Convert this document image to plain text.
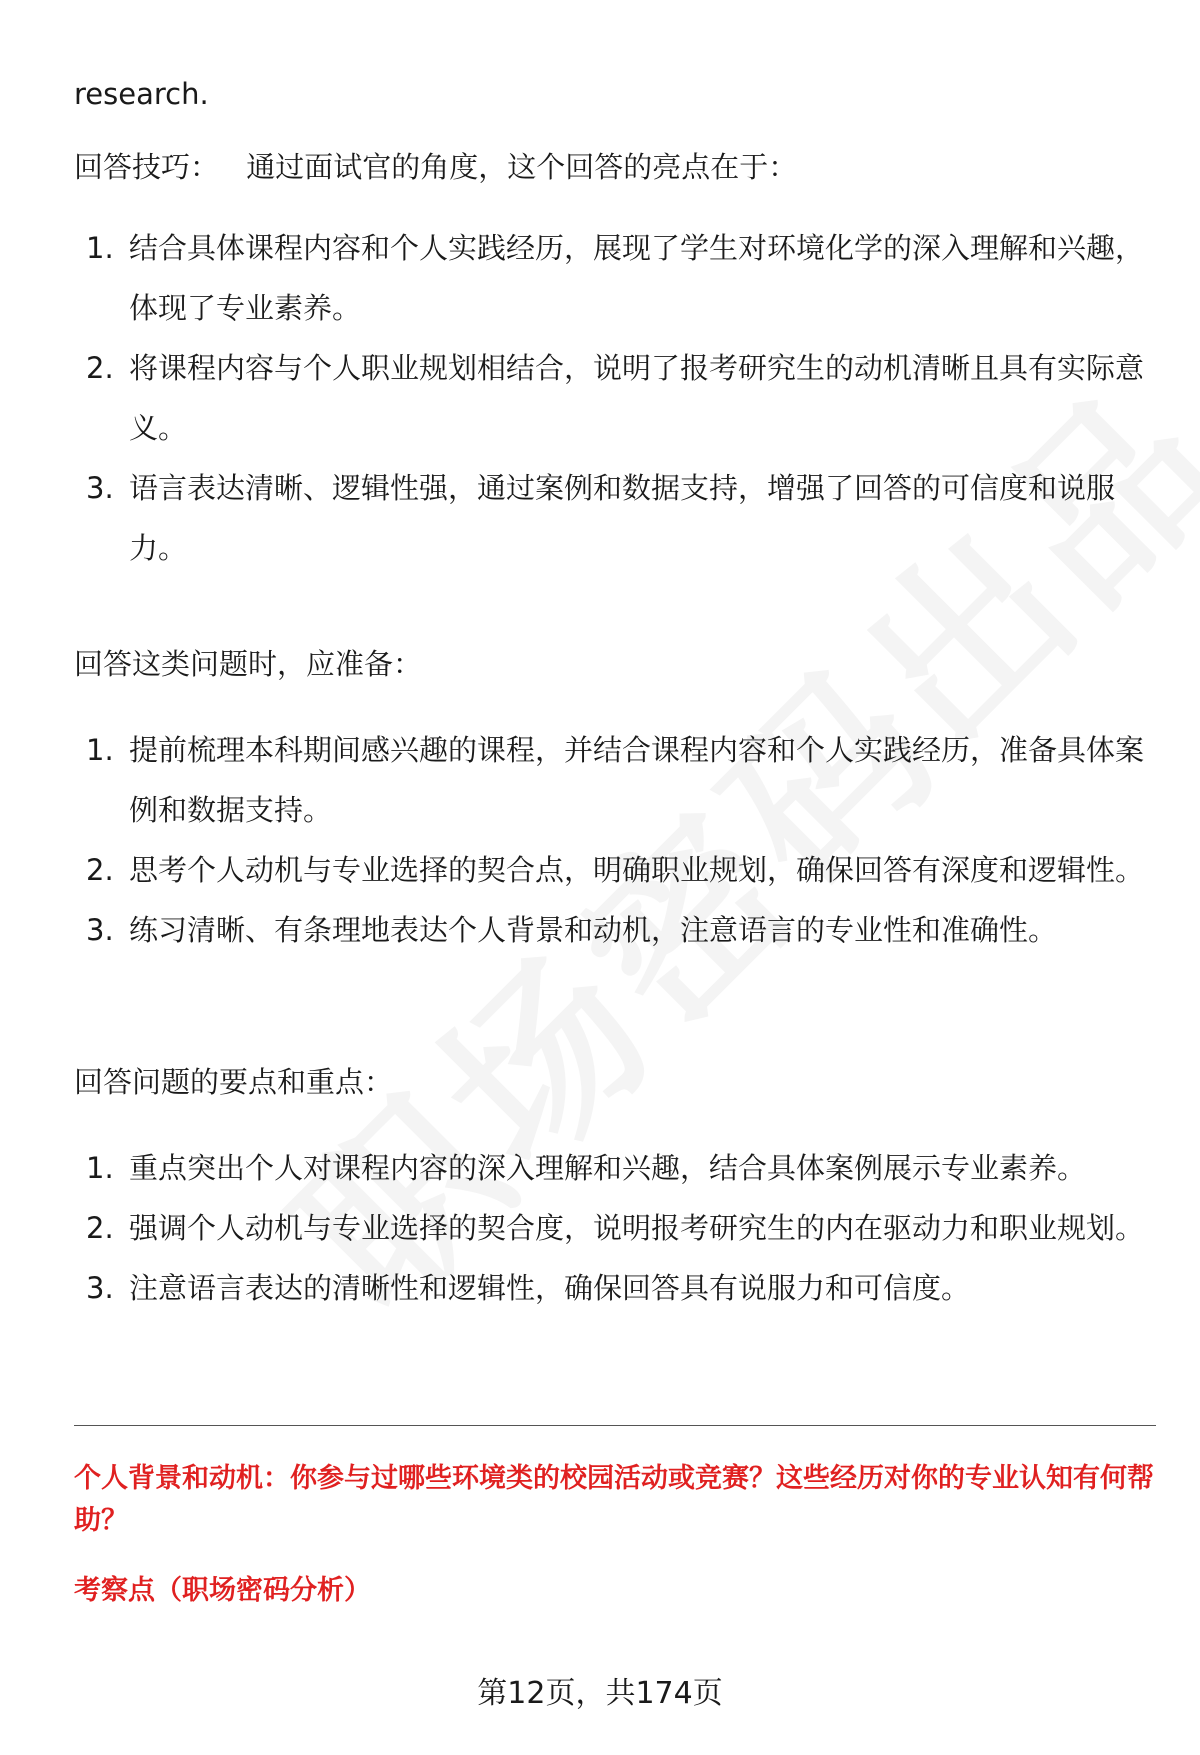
research.
回答技巧： 通过面试官的角度，这个回答的亮点在于：
1. 结合具体课程内容和个人实践经历，展现了学生对环境化学的深入理解和兴趣，体现了专业素养。
2. 将课程内容与个人职业规划相结合，说明了报考研究生的动机清晰且具有实际意义。
3. 语言表达清晰、逻辑性强，通过案例和数据支持，增强了回答的可信度和说服力。
回答这类问题时，应准备：
1. 提前梳理本科期间感兴趣的课程，并结合课程内容和个人实践经历，准备具体案例和数据支持。
2. 思考个人动机与专业选择的契合点，明确职业规划，确保回答有深度和逻辑性。
3. 练习清晰、有条理地表达个人背景和动机，注意语言的专业性和准确性。
回答问题的要点和重点：
1. 重点突出个人对课程内容的深入理解和兴趣，结合具体案例展示专业素养。
2. 强调个人动机与专业选择的契合度，说明报考研究生的内在驱动力和职业规划。
3. 注意语言表达的清晰性和逻辑性，确保回答具有说服力和可信度。
个人背景和动机：你参与过哪些环境类的校园活动或竞赛？这些经历对你的专业认知有何帮助？
考察点（职场密码分析）
第12页，共174页
